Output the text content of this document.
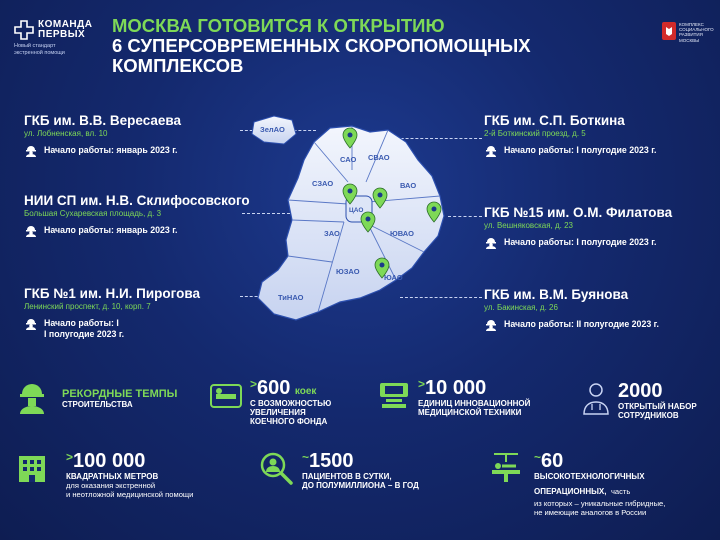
КОМАНДА
ПЕРВЫХ
Новый стандарт
экстренной помощи
МОСКВА ГОТОВИТСЯ К ОТКРЫТИЮ
6 СУПЕРСОВРЕМЕННЫХ СКОРОПОМОЩНЫХ КОМПЛЕКСОВ
КОМПЛЕКС
СОЦИАЛЬНОГО
РАЗВИТИЯ
МОСКВЫ
ГКБ им. В.В. Вересаева
ул. Лобненская, вл. 10
Начало работы: январь 2023 г.
НИИ СП им. Н.В. Склифосовского
Большая Сухаревская площадь, д. 3
Начало работы: январь 2023 г.
ГКБ №1 им. Н.И. Пирогова
Ленинский проспект, д. 10, корп. 7
Начало работы: I
I полугодие 2023 г.
ГКБ им. С.П. Боткина
2-й Боткинский проезд, д. 5
Начало работы: I полугодие 2023 г.
ГКБ №15 им. О.М. Филатова
ул. Вешняковская, д. 23
Начало работы: I полугодие 2023 г.
ГКБ им. В.М. Буянова
ул. Бакинская, д. 26
Начало работы: II полугодие 2023 г.
ЗелАО
САО СВАО
СЗАО	ВАО
ЦАО
ЗАО	ЮВАО
ЮЗАО
ЮАО
ТиНАО
РЕКОРДНЫЕ ТЕМПЫ
СТРОИТЕЛЬСТВА
>600 коек
С ВОЗМОЖНОСТЬЮ
УВЕЛИЧЕНИЯ
КОЕЧНОГО ФОНДА
>10 000
ЕДИНИЦ ИННОВАЦИОННОЙ
МЕДИЦИНСКОЙ ТЕХНИКИ
2000
ОТКРЫТЫЙ НАБОР
СОТРУДНИКОВ
>100 000
КВАДРАТНЫХ МЕТРОВ
для оказания экстренной
и неотложной медицинской помощи
~1500
ПАЦИЕНТОВ В СУТКИ,
ДО ПОЛУМИЛЛИОНА – В ГОД
~60
ВЫСОКОТЕХНОЛОГИЧНЫХ
ОПЕРАЦИОННЫХ, часть
из которых – уникальные гибридные,
не имеющие аналогов в России
